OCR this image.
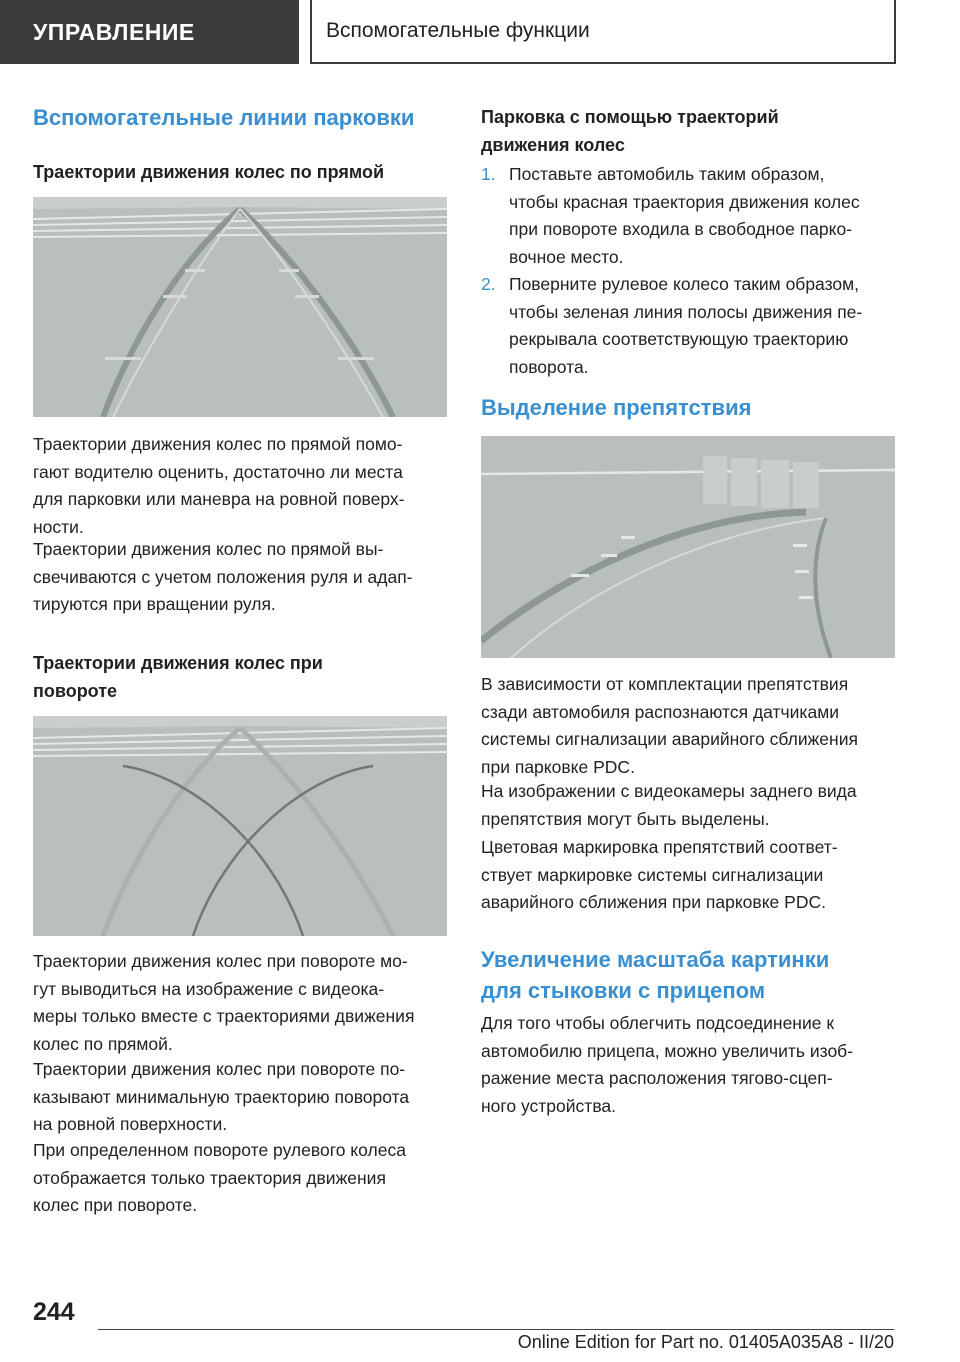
УПРАВЛЕНИЕ	Вспомогательные функции
Вспомогательные линии парковки
Траектории движения колес по прямой
Траектории движения колес по прямой помо-
гают водителю оценить, достаточно ли места
для парковки или маневра на ровной поверх-
ности.
Траектории движения колес по прямой вы-
свечиваются с учетом положения руля и адап-
тируются при вращении руля.
Траектории движения колес при
повороте
Траектории движения колес при повороте мо-
гут выводиться на изображение с видеока-
меры только вместе с траекториями движения
колес по прямой.
Траектории движения колес при повороте по-
казывают минимальную траекторию поворота
на ровной поверхности.
При определенном повороте рулевого колеса
отображается только траектория движения
колес при повороте.
Парковка с помощью траекторий
движения колес
1. Поставьте автомобиль таким образом,
чтобы красная траектория движения колес
при повороте входила в свободное парко-
вочное место.
2. Поверните рулевое колесо таким образом,
чтобы зеленая линия полосы движения пе-
рекрывала соответствующую траекторию
поворота.
Выделение препятствия
В зависимости от комплектации препятствия
сзади автомобиля распознаются датчиками
системы сигнализации аварийного сближения
при парковке PDC.
На изображении с видеокамеры заднего вида
препятствия могут быть выделены.
Цветовая маркировка препятствий соответ-
ствует маркировке системы сигнализации
аварийного сближения при парковке PDC.
Увеличение масштаба картинки
для стыковки с прицепом
Для того чтобы облегчить подсоединение к
автомобилю прицепа, можно увеличить изоб-
ражение места расположения тягово-сцеп-
ного устройства.
244
Online Edition for Part no. 01405A035A8 - II/20
